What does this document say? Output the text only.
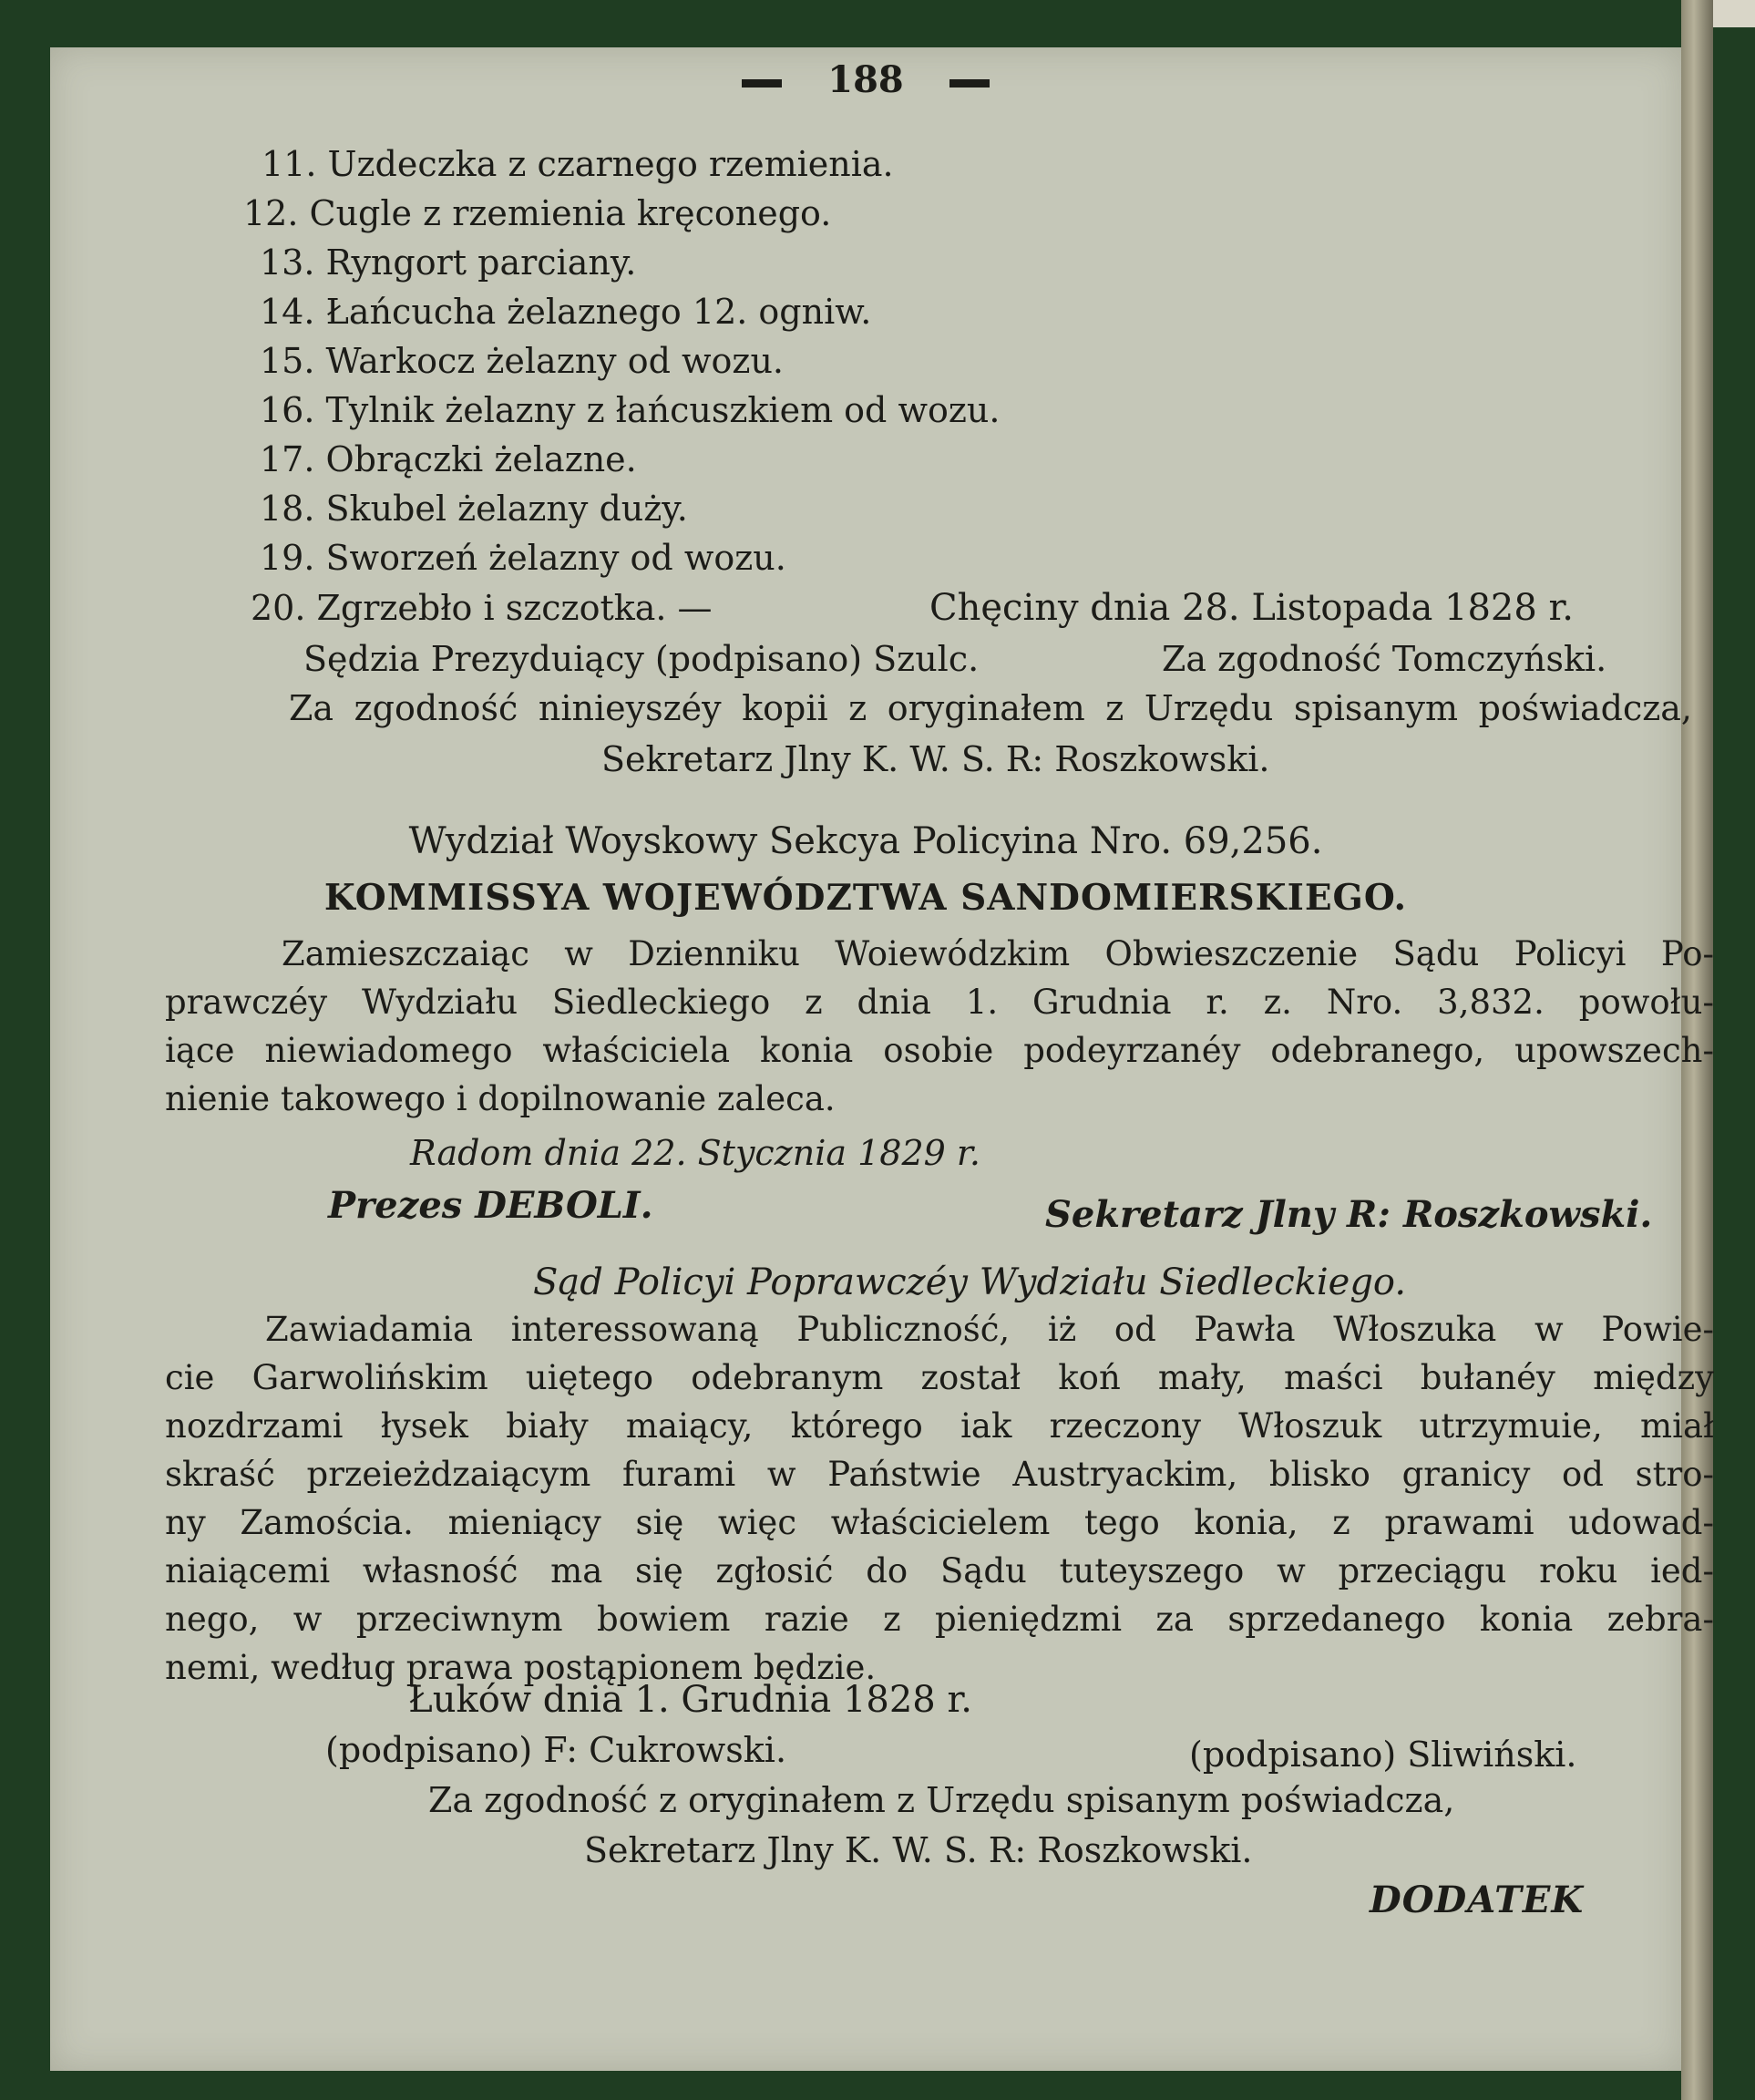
188
11. Uzdeczka z czarnego rzemienia.
12. Cugle z rzemienia kręconego.
13. Ryngort parciany.
14. Łańcucha żelaznego 12. ogniw.
15. Warkocz żelazny od wozu.
16. Tylnik żelazny z łańcuszkiem od wozu.
17. Obrączki żelazne.
18. Skubel żelazny duży.
19. Sworzeń żelazny od wozu.
20. Zgrzebło i szczotka. —	Chęciny dnia 28. Listopada 1828 r.
Sędzia Prezyduiący (podpisano) Szulc.	Za zgodność Tomczyński.
Za zgodność ninieyszéy kopii z oryginałem z Urzędu spisanym poświadcza,
Sekretarz Jlny K. W. S. R: Roszkowski.
Wydział Woyskowy Sekcya Policyina Nro. 69,256.
KOMMISSYA WOJEWÓDZTWA SANDOMIERSKIEGO.
Zamieszczaiąc w Dzienniku Woiewódzkim Obwieszczenie Sądu Policyi Po-
prawczéy Wydziału Siedleckiego z dnia 1. Grudnia r. z. Nro. 3,832. powołu-
iące niewiadomego właściciela konia osobie podeyrzanéy odebranego, upowszech-
nienie takowego i dopilnowanie zaleca.
Radom dnia 22. Stycznia 1829 r.
Prezes DEBOLI.	Sekretarz Jlny R: Roszkowski.
Sąd Policyi Poprawczéy Wydziału Siedleckiego.
Zawiadamia interessowaną Publiczność, iż od Pawła Włoszuka w Powie-
cie Garwolińskim uiętego odebranym został koń mały, maści bułanéy między
nozdrzami łysek biały maiący, którego iak rzeczony Włoszuk utrzymuie, miał
skraść przeieżdzaiącym furami w Państwie Austryackim, blisko granicy od stro-
ny Zamościa. mieniący się więc właścicielem tego konia, z prawami udowad-
niaiącemi własność ma się zgłosić do Sądu tuteyszego w przeciągu roku ied-
nego, w przeciwnym bowiem razie z pieniędzmi za sprzedanego konia zebra-
nemi, według prawa postąpionem będzie.
Łuków dnia 1. Grudnia 1828 r.
(podpisano) F: Cukrowski.	(podpisano) Sliwiński.
Za zgodność z oryginałem z Urzędu spisanym poświadcza,
Sekretarz Jlny K. W. S. R: Roszkowski.
DODATEK
